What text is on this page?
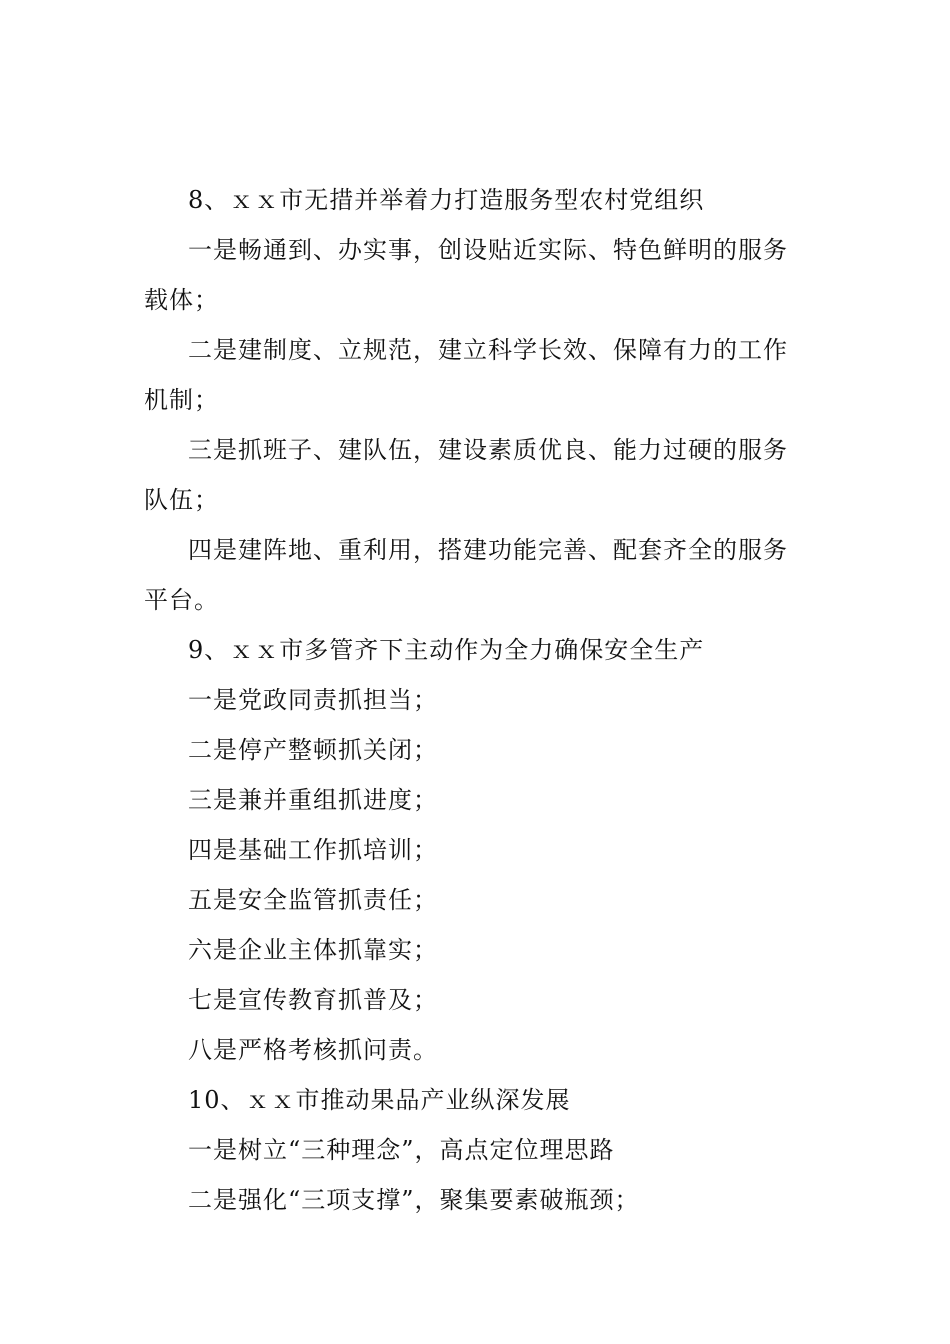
8、ｘｘ市无措并举着力打造服务型农村党组织

一是畅通到、办实事，创设贴近实际、特色鲜明的服务载体；

二是建制度、立规范，建立科学长效、保障有力的工作机制；

三是抓班子、建队伍，建设素质优良、能力过硬的服务队伍；

四是建阵地、重利用，搭建功能完善、配套齐全的服务平台。

9、ｘｘ市多管齐下主动作为全力确保安全生产

一是党政同责抓担当；

二是停产整顿抓关闭；

三是兼并重组抓进度；

四是基础工作抓培训；

五是安全监管抓责任；

六是企业主体抓靠实；

七是宣传教育抓普及；

八是严格考核抓问责。

10、ｘｘ市推动果品产业纵深发展

一是树立“三种理念”，高点定位理思路

二是强化“三项支撑”，聚集要素破瓶颈；
